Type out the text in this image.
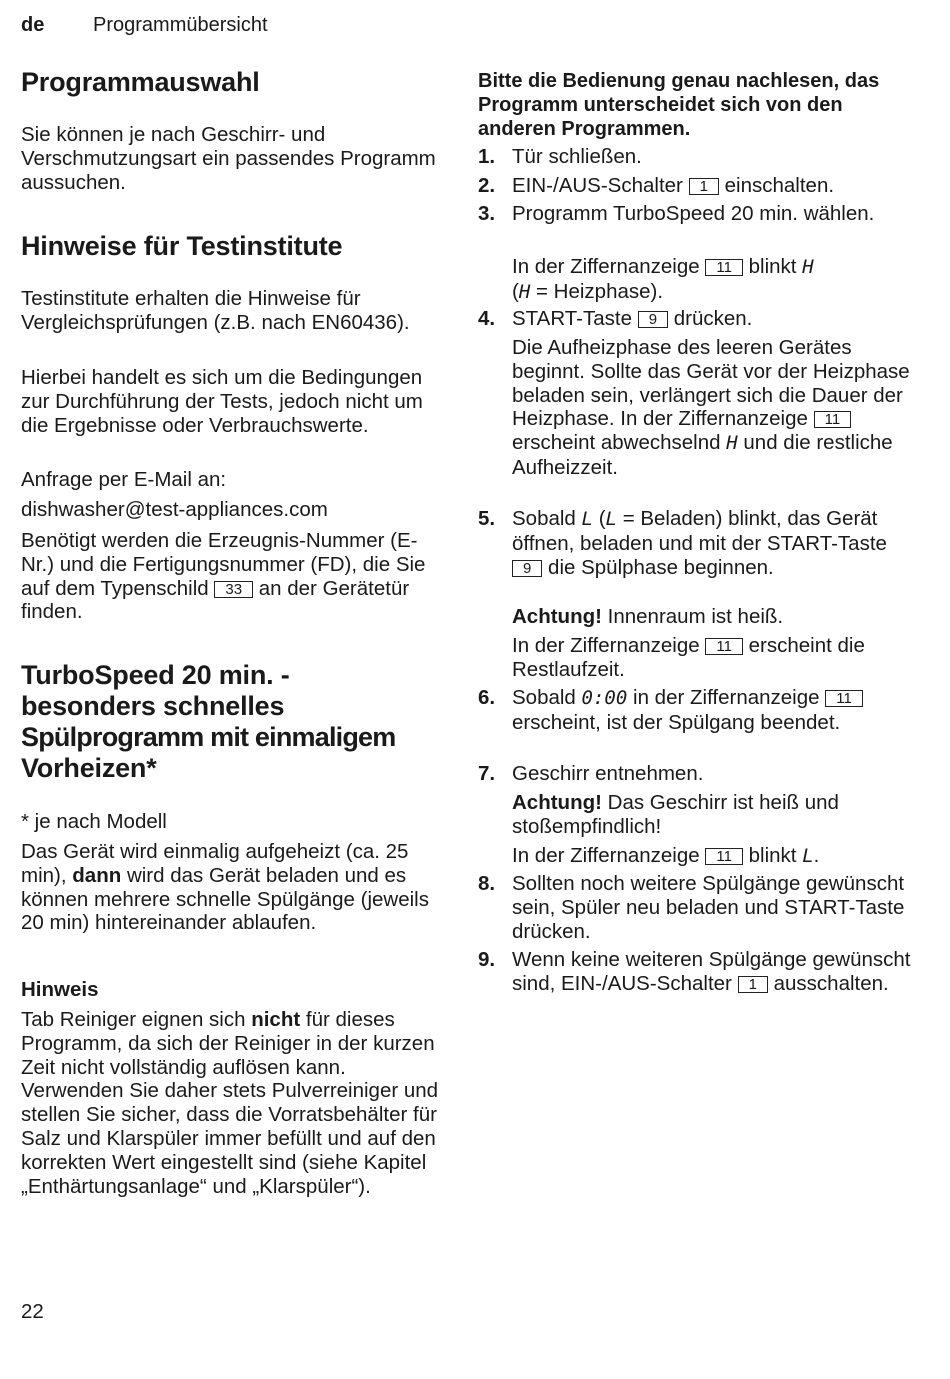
de Programmübersicht
Programmauswahl

Sie können je nach Geschirr- und Verschmutzungsart ein passendes Programm aussuchen.

Hinweise für Testinstitute

Testinstitute erhalten die Hinweise für Vergleichsprüfungen (z.B. nach EN60436).

Hierbei handelt es sich um die Bedingungen zur Durchführung der Tests, jedoch nicht um die Ergebnisse oder Verbrauchswerte.

Anfrage per E-Mail an:

dishwasher@test-appliances.com

Benötigt werden die Erzeugnis-Nummer (E-Nr.) und die Fertigungsnummer (FD), die Sie auf dem Typenschild 33 an der Gerätetür finden.

TurboSpeed 20 min. -
besonders schnelles
Spülprogramm mit einmaligem
Vorheizen*

* je nach Modell

Das Gerät wird einmalig aufgeheizt (ca. 25 min), dann wird das Gerät beladen und es können mehrere schnelle Spülgänge (jeweils 20 min) hintereinander ablaufen.

Hinweis

Tab Reiniger eignen sich nicht für dieses Programm, da sich der Reiniger in der kurzen Zeit nicht vollständig auflösen kann. Verwenden Sie daher stets Pulverreiniger und stellen Sie sicher, dass die Vorratsbehälter für Salz und Klarspüler immer befüllt und auf den korrekten Wert eingestellt sind (siehe Kapitel „Enthärtungsanlage“ und „Klarspüler“).

Bitte die Bedienung genau nachlesen, das Programm unterscheidet sich von den anderen Programmen.

1. Tür schließen.

2. EIN-/AUS-Schalter 1 einschalten.

3. Programm TurboSpeed 20 min. wählen.

In der Ziffernanzeige 11 blinkt H
(H = Heizphase).

4. START-Taste 9 drücken.

Die Aufheizphase des leeren Gerätes beginnt. Sollte das Gerät vor der Heizphase beladen sein, verlängert sich die Dauer der Heizphase. In der Ziffernanzeige 11 erscheint abwechselnd H und die restliche Aufheizzeit.

5. Sobald L (L = Beladen) blinkt, das Gerät öffnen, beladen und mit der START-Taste 9 die Spülphase beginnen.

Achtung! Innenraum ist heiß.

In der Ziffernanzeige 11 erscheint die Restlaufzeit.

6. Sobald 0:00 in der Ziffernanzeige 11 erscheint, ist der Spülgang beendet.

7. Geschirr entnehmen.

Achtung! Das Geschirr ist heiß und stoßempfindlich!

In der Ziffernanzeige 11 blinkt L.

8. Sollten noch weitere Spülgänge gewünscht sein, Spüler neu beladen und START-Taste drücken.

9. Wenn keine weiteren Spülgänge gewünscht sind, EIN-/AUS-Schalter 1 ausschalten.

22
